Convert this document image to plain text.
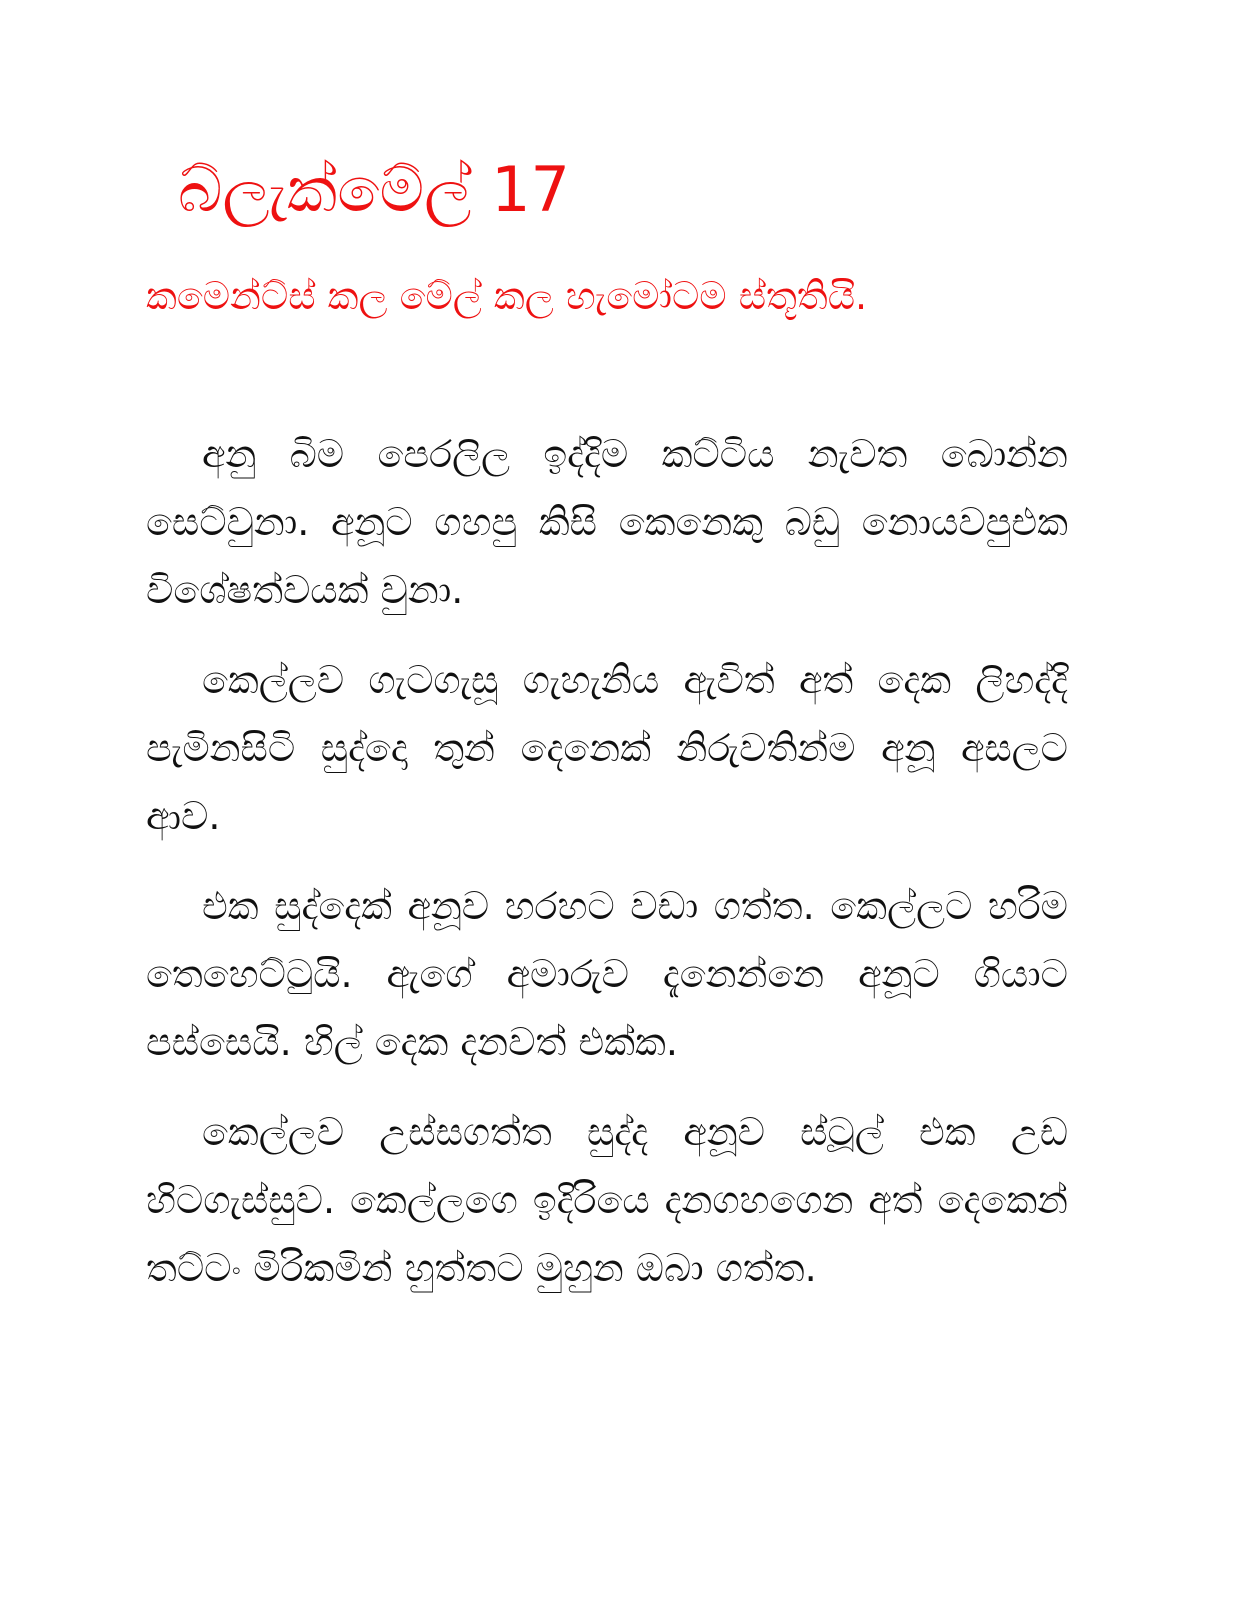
බ්ලැක්මේල් 17
කමෙන්ට්ස් කල මේල් කල හැමෝටම ස්තූතියි.

අනු බිම පෙරලිල ඉද්දිම කට්ටිය නැවත බොන්න සෙට්වුනා. අනූට ගහපු කිසි කෙනෙකු බඩු නොයවපුඑක විශේෂත්වයක් වුනා.

කෙල්ලව ගැටගැසූ ගැහැනිය ඇවිත් අත් දෙක ලිහද්දි පැමිනසිටි සුද්දො තුන් දෙනෙක් නිරුවතින්ම අනූ අසලට ආව.

එක සුද්දෙක් අනූව හරහට වඩා ගත්ත. කෙල්ලට හරිම තෙහෙට්ටුයි. ඇගේ අමාරුව දැනෙන්නෙ අනූට ගියාට පස්සෙයි. හිල් දෙක දනවත් එක්ක.

කෙල්ලව උස්සගත්ත සුද්ද අනූව ස්ටූල් එක උඩ හිටගැස්සුව. කෙල්ලගෙ ඉදිරියෙ දනගහගෙන අත් දෙකෙන් තට්ටං මිරිකමින් හුත්තට මුහුන ඔබා ගත්ත.
